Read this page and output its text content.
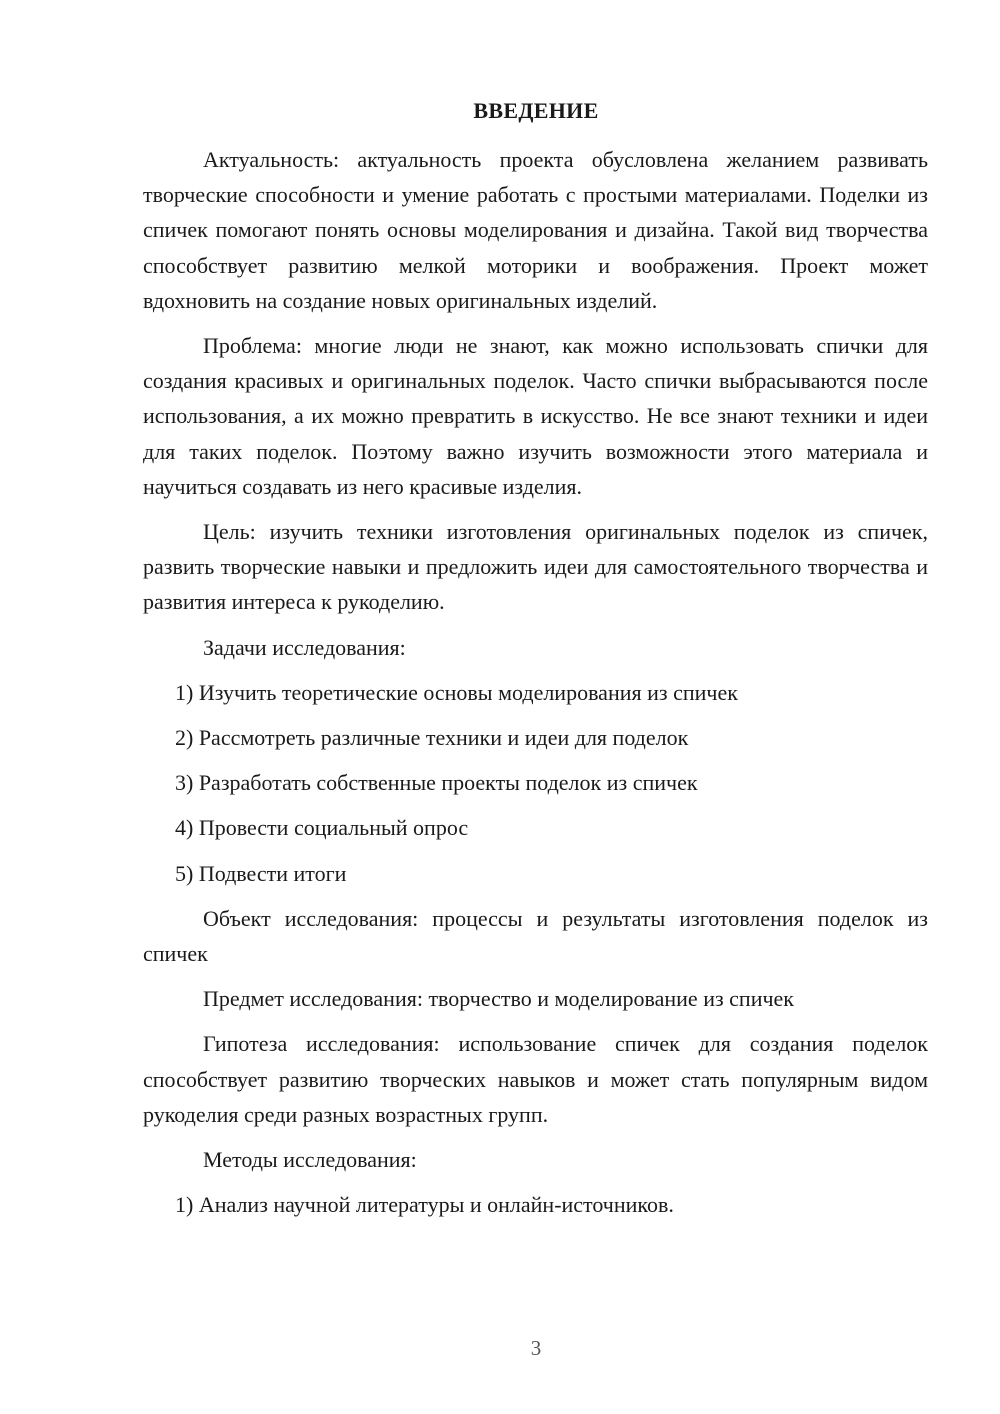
ВВЕДЕНИЕ

Актуальность: актуальность проекта обусловлена желанием развивать творческие способности и умение работать с простыми материалами. Поделки из спичек помогают понять основы моделирования и дизайна. Такой вид творчества способствует развитию мелкой моторики и воображения. Проект может вдохновить на создание новых оригинальных изделий.

Проблема: многие люди не знают, как можно использовать спички для создания красивых и оригинальных поделок. Часто спички выбрасываются после использования, а их можно превратить в искусство. Не все знают техники и идеи для таких поделок. Поэтому важно изучить возможности этого материала и научиться создавать из него красивые изделия.

Цель: изучить техники изготовления оригинальных поделок из спичек, развить творческие навыки и предложить идеи для самостоятельного творчества и развития интереса к рукоделию.

Задачи исследования:

1) Изучить теоретические основы моделирования из спичек
2) Рассмотреть различные техники и идеи для поделок
3) Разработать собственные проекты поделок из спичек
4) Провести социальный опрос
5) Подвести итоги

Объект исследования: процессы и результаты изготовления поделок из спичек

Предмет исследования: творчество и моделирование из спичек

Гипотеза исследования: использование спичек для создания поделок способствует развитию творческих навыков и может стать популярным видом рукоделия среди разных возрастных групп.

Методы исследования:

1) Анализ научной литературы и онлайн-источников.
3
